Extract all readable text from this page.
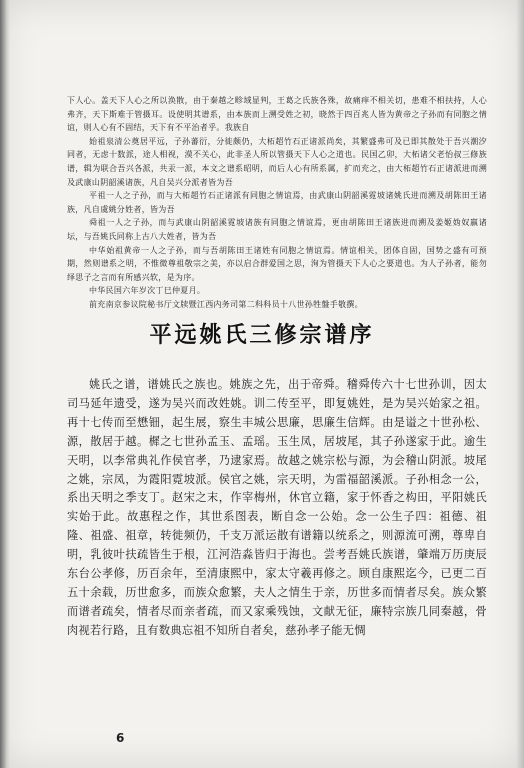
下人心。盖天下人心之所以涣散，由于秦越之畛域显判，王葛之氏族各殊，故痛痒不相关切，患难不相扶持，人心弗齐，天下斯难于管摄耳。设使明其谱系，由本族而上溯受姓之初，晓然于四百兆人皆为黄帝之子孙而有同胞之情谊，则人心有不固结，天下有不平治者乎。我族自

始祖泉清公奠居平远，子孙蕃衍，分徙颇仍，大柘超竹石正诸派尚矣，其繁盛弗可及已即其散处于吾兴潮汐同者，无虑十数派，途人相视，漠不关心，此非圣人所以管摄天下人心之道也。民国乙卯，大柘诸父老怡叔三修族谱，辑为联合吾兴各派，共汞一派，本文之谱系昭明，而后人心有所系属，扩而充之，由大柘超竹石正诸派进而溯及武康山阴韶溪诸族，凡自吴兴分派者皆为吾

平祖一人之子孙，而与大柘超竹石正诸派有同胞之情谊焉，由武康山阴韶溪霓坡诸姚氏进而溯及胡陈田王诸族，凡自虞姚分姓者，皆为吾

舜祖一人之子孙，而与武康山阴韶溪霓坡诸族有同胞之情谊焉，更由胡陈田王诸族进而溯及姜姬妫奴嬴诸坛，与吾姚氏同称上古八大姓者，皆为吾

中华始祖黄帝一人之子孙，而与吾胡陈田王诸姓有同胞之情谊焉。情谊相关，团体自固，国势之盛有可预期，然则谱系之明，不惟微尊祖敬宗之美，亦以启合群爱国之思，洵为管摄天下人心之要道也。为人子孙者，能勿绎思子之言而有所感兴软，是为序。

中华民国六年岁次丁巳仲夏月。

前充南京参议院秘书厅文牍暨江西内务司第二科科员十八世孙牲盤手敬撰。

平远姚氏三修宗谱序

姚氏之谱，谱姚氏之族也。姚族之先，出于帝舜。稽舜传六十七世孙训，因太司马延年遗受，遂为吴兴而改姓姚。训二传至平，即复姚姓，是为吴兴始家之祖。再十七传而至懋钿，起生展，察生丰城公思廉，思廉生信辉。由是谥之十世孙松、源，散居于越。樨之七世孙孟玉、孟瑶。玉生凤，居坡尾，其子孙遂家于此。逾生天明，以李常典礼作侯官孝，乃逮家焉。故越之姚宗松与源，为会稽山阴派。坡尾之姚，宗凤，为霞阳霓坡派。侯官之姚，宗天明，为雷福韶溪派。子孙相念一公，系出天明之季支丁。赵宋之末，作宰梅州，休官立籍，家于怀香之构田，平阳姚氏实始于此。故惠程之作，其世系图表，断自念一公始。念一公生子四：祖德、祖隆、祖盛、祖章，转徙频仍，千支万派运散有谱籍以统系之，则源流可溯，尊卑自明，乳彼叶扶疏皆生于根，江河浩淼皆归于海也。尝考吾姚氏族谱，肇端万历庚辰东台公孝修，历百余年，至清康熙中，家太守羲再修之。顾自康熙迄今，已更二百五十余载，历世愈多，而族众愈繁，夫人之情生于亲，历世多而情者尽矣。族众繁而谱者疏矣，情者尽而亲者疏，而又家乘残蚀，文献无征，廉特宗族几同秦越，骨肉视若行路，且有数典忘祖不知所自者矣，慈孙孝子能无惆

6
